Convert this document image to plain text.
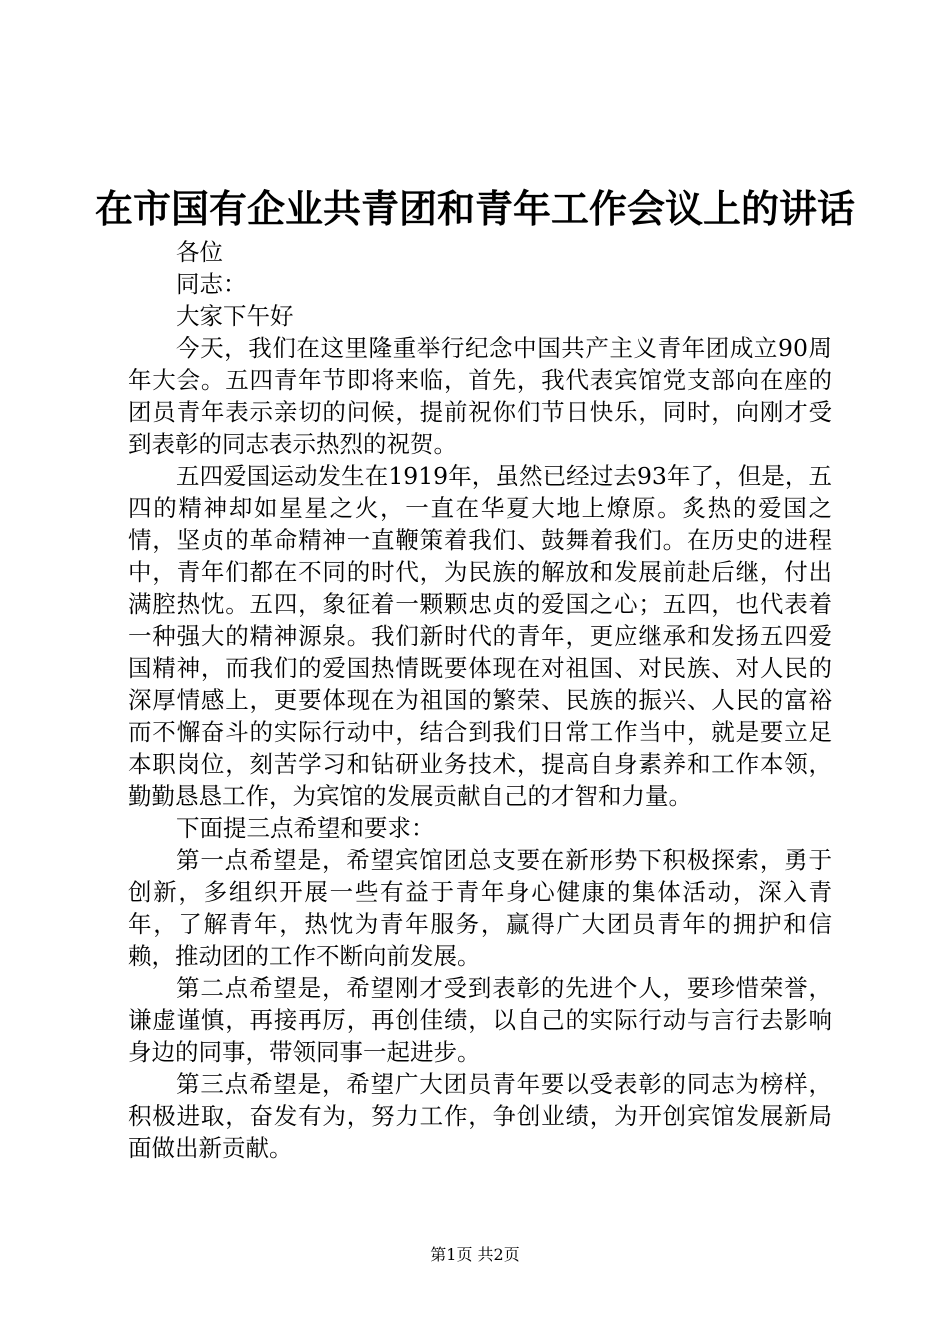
在市国有企业共青团和青年工作会议上的讲话

各位

同志：

大家下午好

今天，我们在这里隆重举行纪念中国共产主义青年团成立90周年大会。五四青年节即将来临，首先，我代表宾馆党支部向在座的团员青年表示亲切的问候，提前祝你们节日快乐，同时，向刚才受到表彰的同志表示热烈的祝贺。

五四爱国运动发生在1919年，虽然已经过去93年了，但是，五四的精神却如星星之火，一直在华夏大地上燎原。炙热的爱国之情，坚贞的革命精神一直鞭策着我们、鼓舞着我们。在历史的进程中，青年们都在不同的时代，为民族的解放和发展前赴后继，付出满腔热忱。五四，象征着一颗颗忠贞的爱国之心；五四，也代表着一种强大的精神源泉。我们新时代的青年，更应继承和发扬五四爱国精神，而我们的爱国热情既要体现在对祖国、对民族、对人民的深厚情感上，更要体现在为祖国的繁荣、民族的振兴、人民的富裕而不懈奋斗的实际行动中，结合到我们日常工作当中，就是要立足本职岗位，刻苦学习和钻研业务技术，提高自身素养和工作本领，勤勤恳恳工作，为宾馆的发展贡献自己的才智和力量。

下面提三点希望和要求：

第一点希望是，希望宾馆团总支要在新形势下积极探索，勇于创新，多组织开展一些有益于青年身心健康的集体活动，深入青年，了解青年，热忱为青年服务，赢得广大团员青年的拥护和信赖，推动团的工作不断向前发展。

第二点希望是，希望刚才受到表彰的先进个人，要珍惜荣誉，谦虚谨慎，再接再厉，再创佳绩，以自己的实际行动与言行去影响身边的同事，带领同事一起进步。

第三点希望是，希望广大团员青年要以受表彰的同志为榜样，积极进取，奋发有为，努力工作，争创业绩，为开创宾馆发展新局面做出新贡献。

第1页 共2页
